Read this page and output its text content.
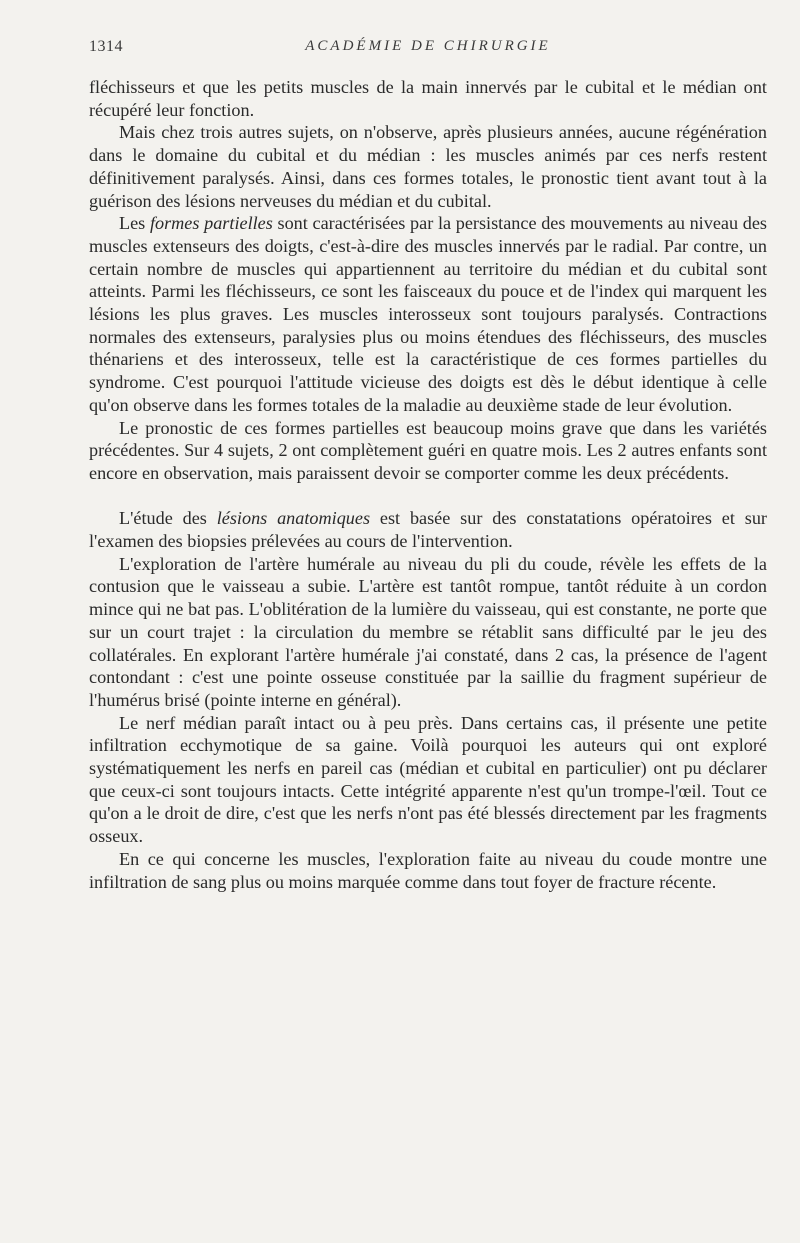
1314	ACADÉMIE DE CHIRURGIE

fléchisseurs et que les petits muscles de la main innervés par le cubital et le médian ont récupéré leur fonction.

Mais chez trois autres sujets, on n'observe, après plusieurs années, aucune régénération dans le domaine du cubital et du médian : les muscles animés par ces nerfs restent définitivement paralysés. Ainsi, dans ces formes totales, le pronostic tient avant tout à la guérison des lésions nerveuses du médian et du cubital.

Les formes partielles sont caractérisées par la persistance des mouvements au niveau des muscles extenseurs des doigts, c'est-à-dire des muscles innervés par le radial. Par contre, un certain nombre de muscles qui appartiennent au territoire du médian et du cubital sont atteints. Parmi les fléchisseurs, ce sont les faisceaux du pouce et de l'index qui marquent les lésions les plus graves. Les muscles interosseux sont toujours paralysés. Contractions normales des extenseurs, paralysies plus ou moins étendues des fléchisseurs, des muscles thénariens et des interosseux, telle est la caractéristique de ces formes partielles du syndrome. C'est pourquoi l'attitude vicieuse des doigts est dès le début identique à celle qu'on observe dans les formes totales de la maladie au deuxième stade de leur évolution.

Le pronostic de ces formes partielles est beaucoup moins grave que dans les variétés précédentes. Sur 4 sujets, 2 ont complètement guéri en quatre mois. Les 2 autres enfants sont encore en observation, mais paraissent devoir se comporter comme les deux précédents.

L'étude des lésions anatomiques est basée sur des constatations opératoires et sur l'examen des biopsies prélevées au cours de l'intervention.

L'exploration de l'artère humérale au niveau du pli du coude, révèle les effets de la contusion que le vaisseau a subie. L'artère est tantôt rompue, tantôt réduite à un cordon mince qui ne bat pas. L'oblitération de la lumière du vaisseau, qui est constante, ne porte que sur un court trajet : la circulation du membre se rétablit sans difficulté par le jeu des collatérales. En explorant l'artère humérale j'ai constaté, dans 2 cas, la présence de l'agent contondant : c'est une pointe osseuse constituée par la saillie du fragment supérieur de l'humérus brisé (pointe interne en général).

Le nerf médian paraît intact ou à peu près. Dans certains cas, il présente une petite infiltration ecchymotique de sa gaine. Voilà pourquoi les auteurs qui ont exploré systématiquement les nerfs en pareil cas (médian et cubital en particulier) ont pu déclarer que ceux-ci sont toujours intacts. Cette intégrité apparente n'est qu'un trompe-l'œil. Tout ce qu'on a le droit de dire, c'est que les nerfs n'ont pas été blessés directement par les fragments osseux.

En ce qui concerne les muscles, l'exploration faite au niveau du coude montre une infiltration de sang plus ou moins marquée comme dans tout foyer de fracture récente.
